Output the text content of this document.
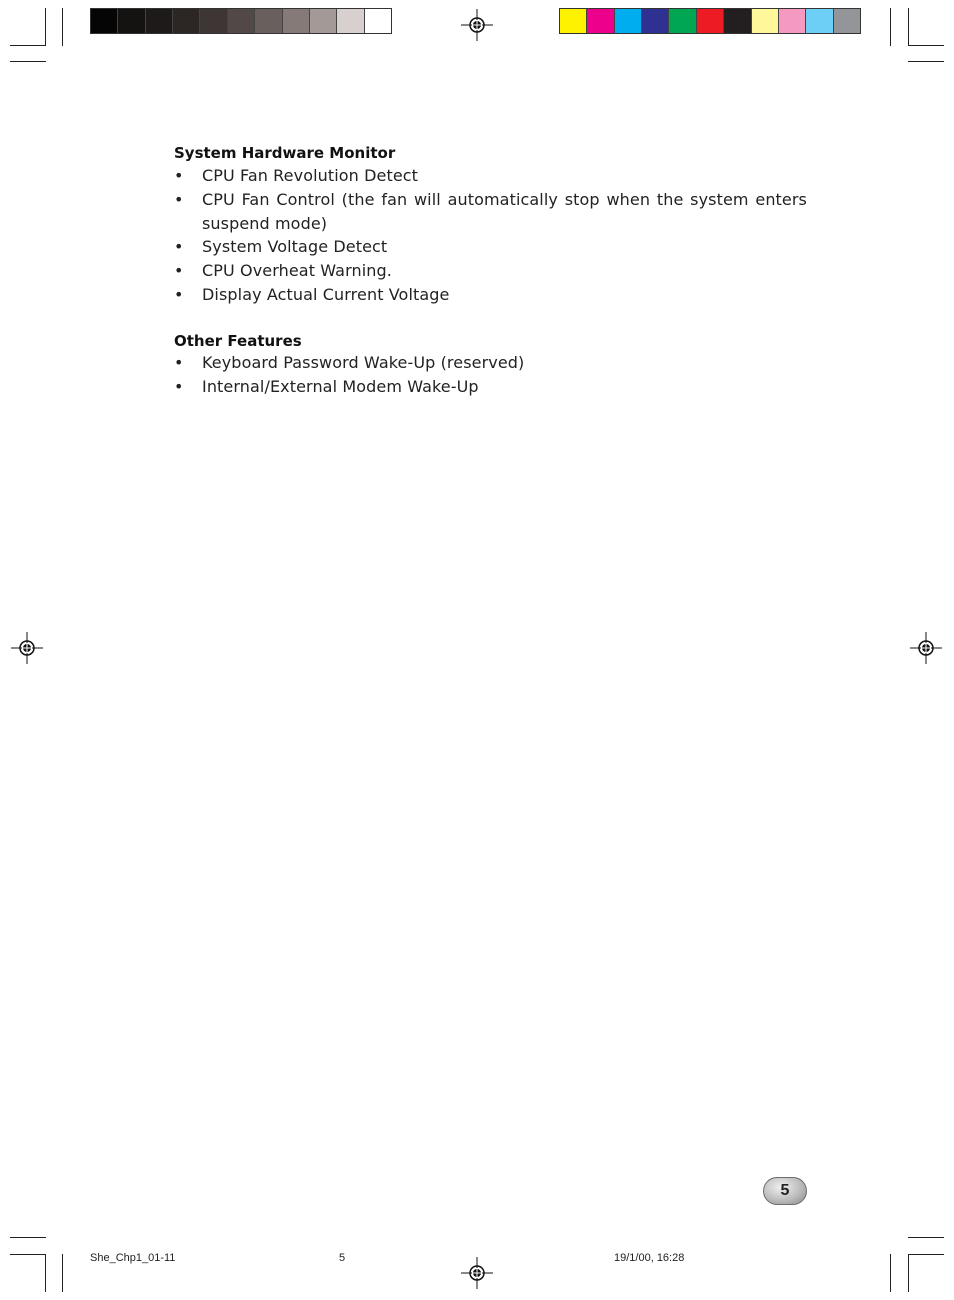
System Hardware Monitor
• CPU Fan Revolution Detect
• CPU Fan Control (the fan will automatically stop when the system enters suspend mode)
• System Voltage Detect
• CPU Overheat Warning.
• Display Actual Current Voltage
Other Features
• Keyboard Password Wake-Up (reserved)
• Internal/External Modem Wake-Up
5
She_Chp1_01-11	5	19/1/00, 16:28
